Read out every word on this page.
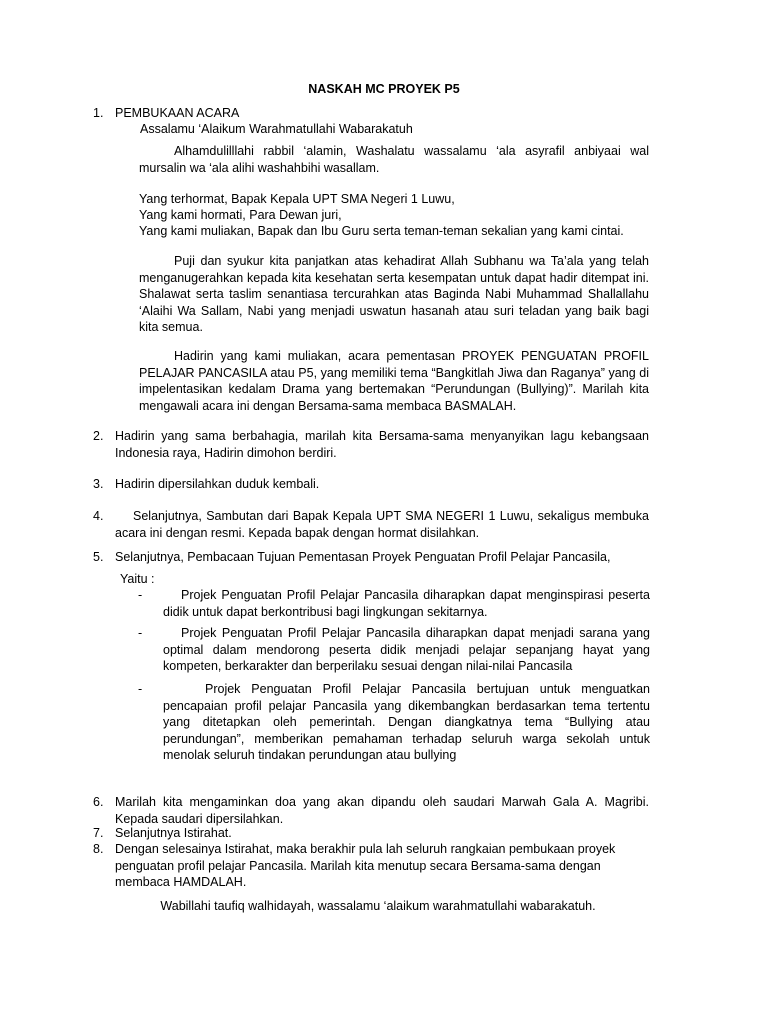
NASKAH MC PROYEK P5
1. PEMBUKAAN ACARA
Assalamu ‘Alaikum Warahmatullahi Wabarakatuh
Alhamdulilllahi rabbil ‘alamin, Washalatu wassalamu ‘ala asyrafil anbiyaai wal mursalin wa ‘ala alihi washahbihi wasallam.
Yang terhormat, Bapak Kepala UPT SMA Negeri 1 Luwu,
Yang kami hormati, Para Dewan juri,
Yang kami muliakan, Bapak dan Ibu Guru serta teman-teman sekalian yang kami cintai.
Puji dan syukur kita panjatkan atas kehadirat Allah Subhanu wa Ta’ala yang telah menganugerahkan kepada kita kesehatan serta kesempatan untuk dapat hadir ditempat ini. Shalawat serta taslim senantiasa tercurahkan atas Baginda Nabi Muhammad Shallallahu ‘Alaihi Wa Sallam, Nabi yang menjadi uswatun hasanah atau suri teladan yang baik bagi kita semua.
Hadirin yang kami muliakan, acara pementasan PROYEK PENGUATAN PROFIL PELAJAR PANCASILA atau P5, yang memiliki tema “Bangkitlah Jiwa dan Raganya” yang di impelentasikan kedalam Drama yang bertemakan “Perundungan (Bullying)”. Marilah kita mengawali acara ini dengan Bersama-sama membaca BASMALAH.
2. Hadirin yang sama berbahagia, marilah kita Bersama-sama menyanyikan lagu kebangsaan Indonesia raya, Hadirin dimohon berdiri.
3. Hadirin dipersilahkan duduk kembali.
4.	Selanjutnya, Sambutan dari Bapak Kepala UPT SMA NEGERI 1 Luwu, sekaligus membuka acara ini dengan resmi. Kepada bapak dengan hormat disilahkan.
5. Selanjutnya, Pembacaan Tujuan Pementasan Proyek Penguatan Profil Pelajar Pancasila,
Yaitu :
-	Projek Penguatan Profil Pelajar Pancasila diharapkan dapat menginspirasi peserta didik untuk dapat berkontribusi bagi lingkungan sekitarnya.
-	Projek Penguatan Profil Pelajar Pancasila diharapkan dapat menjadi sarana yang optimal dalam mendorong peserta didik menjadi pelajar sepanjang hayat yang kompeten, berkarakter dan berperilaku sesuai dengan nilai-nilai Pancasila
-	Projek Penguatan Profil Pelajar Pancasila bertujuan untuk menguatkan pencapaian profil pelajar Pancasila yang dikembangkan berdasarkan tema tertentu yang ditetapkan oleh pemerintah. Dengan diangkatnya tema “Bullying atau perundungan”, memberikan pemahaman terhadap seluruh warga sekolah untuk menolak seluruh tindakan perundungan atau bullying
6. Marilah kita mengaminkan doa yang akan dipandu oleh saudari Marwah Gala A. Magribi. Kepada saudari dipersilahkan.
7. Selanjutnya Istirahat.
8. Dengan selesainya Istirahat, maka berakhir pula lah seluruh rangkaian pembukaan proyek penguatan profil pelajar Pancasila. Marilah kita menutup secara Bersama-sama dengan membaca HAMDALAH.
Wabillahi taufiq walhidayah, wassalamu ‘alaikum warahmatullahi wabarakatuh.
